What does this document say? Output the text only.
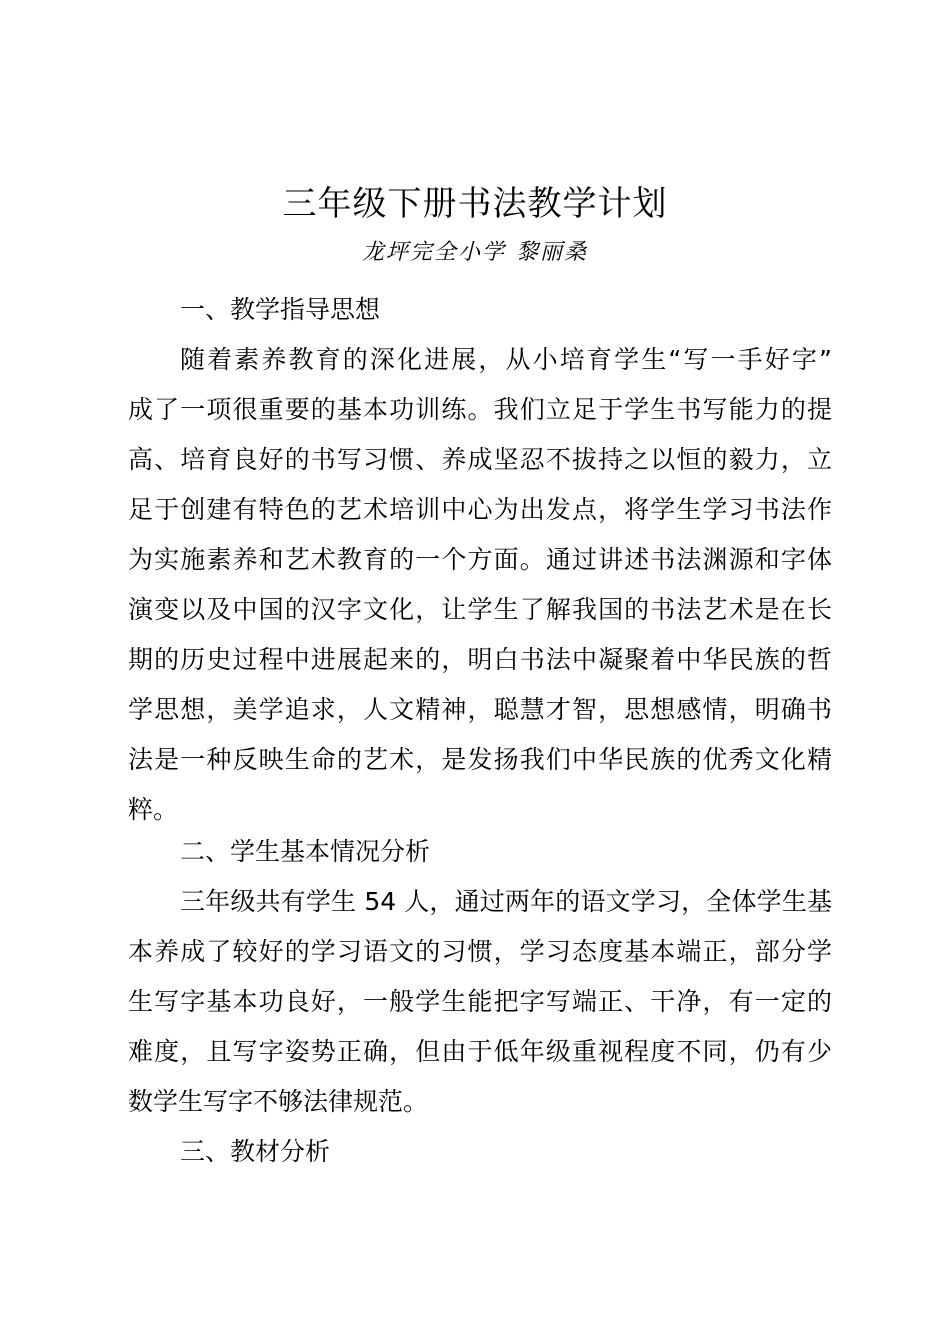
三年级下册书法教学计划
龙坪完全小学 黎丽桑
一、教学指导思想
随着素养教育的深化进展，从小培育学生“写一手好字”
成了一项很重要的基本功训练。我们立足于学生书写能力的提
高、培育良好的书写习惯、养成坚忍不拔持之以恒的毅力，立
足于创建有特色的艺术培训中心为出发点，将学生学习书法作
为实施素养和艺术教育的一个方面。通过讲述书法渊源和字体
演变以及中国的汉字文化，让学生了解我国的书法艺术是在长
期的历史过程中进展起来的，明白书法中凝聚着中华民族的哲
学思想，美学追求，人文精神，聪慧才智，思想感情，明确书
法是一种反映生命的艺术，是发扬我们中华民族的优秀文化精
粹。
二、学生基本情况分析
三年级共有学生 54 人，通过两年的语文学习，全体学生基
本养成了较好的学习语文的习惯，学习态度基本端正，部分学
生写字基本功良好，一般学生能把字写端正、干净，有一定的
难度，且写字姿势正确，但由于低年级重视程度不同，仍有少
数学生写字不够法律规范。
三、教材分析
